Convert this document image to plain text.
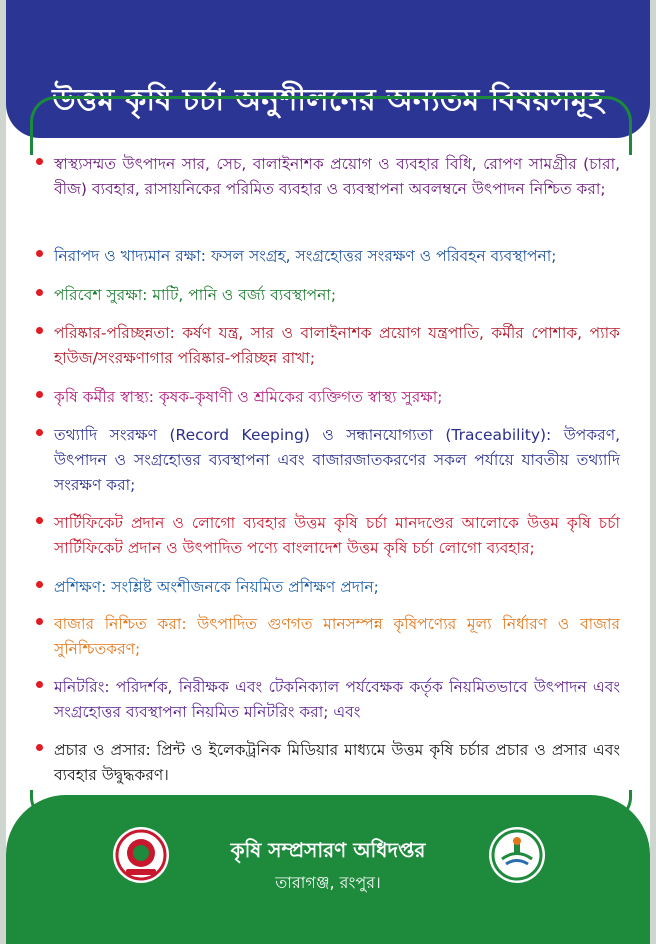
উত্তম কৃষি চর্চা অনুশীলনের অন্যতম বিষয়সমূহ
স্বাস্থ্যসম্মত উৎপাদন সার, সেচ, বালাইনাশক প্রয়োগ ও ব্যবহার বিধি, রোপণ সামগ্রীর (চারা, বীজ) ব্যবহার, রাসায়নিকের পরিমিত ব্যবহার ও ব্যবস্থাপনা অবলম্বনে উৎপাদন নিশ্চিত করা;
নিরাপদ ও খাদ্যমান রক্ষা: ফসল সংগ্রহ, সংগ্রহোত্তর সংরক্ষণ ও পরিবহন ব্যবস্থাপনা;
পরিবেশ সুরক্ষা: মাটি, পানি ও বর্জ্য ব্যবস্থাপনা;
পরিষ্কার-পরিচ্ছন্নতা: কর্ষণ যন্ত্র, সার ও বালাইনাশক প্রয়োগ যন্ত্রপাতি, কর্মীর পোশাক, প্যাক হাউজ/সংরক্ষণাগার পরিষ্কার-পরিচ্ছন্ন রাখা;
কৃষি কর্মীর স্বাস্থ্য: কৃষক-কৃষাণী ও শ্রমিকের ব্যক্তিগত স্বাস্থ্য সুরক্ষা;
তথ্যাদি সংরক্ষণ (Record Keeping) ও সন্ধানযোগ্যতা (Traceability): উপকরণ, উৎপাদন ও সংগ্রহোত্তর ব্যবস্থাপনা এবং বাজারজাতকরণের সকল পর্যায়ে যাবতীয় তথ্যাদি সংরক্ষণ করা;
সার্টিফিকেট প্রদান ও লোগো ব্যবহার উত্তম কৃষি চর্চা মানদণ্ডের আলোকে উত্তম কৃষি চর্চা সার্টিফিকেট প্রদান ও উৎপাদিত পণ্যে বাংলাদেশ উত্তম কৃষি চর্চা লোগো ব্যবহার;
প্রশিক্ষণ: সংশ্লিষ্ট অংশীজনকে নিয়মিত প্রশিক্ষণ প্রদান;
বাজার নিশ্চিত করা: উৎপাদিত গুণগত মানসম্পন্ন কৃষিপণ্যের মূল্য নির্ধারণ ও বাজার সুনিশ্চিতকরণ;
মনিটরিং: পরিদর্শক, নিরীক্ষক এবং টেকনিক্যাল পর্যবেক্ষক কর্তৃক নিয়মিতভাবে উৎপাদন এবং সংগ্রহোত্তর ব্যবস্থাপনা নিয়মিত মনিটরিং করা; এবং
প্রচার ও প্রসার: প্রিন্ট ও ইলেকট্রনিক মিডিয়ার মাধ্যমে উত্তম কৃষি চর্চার প্রচার ও প্রসার এবং ব্যবহার উদ্বুদ্ধকরণ।
কৃষি সম্প্রসারণ অধিদপ্তর
তারাগঞ্জ, রংপুর।
